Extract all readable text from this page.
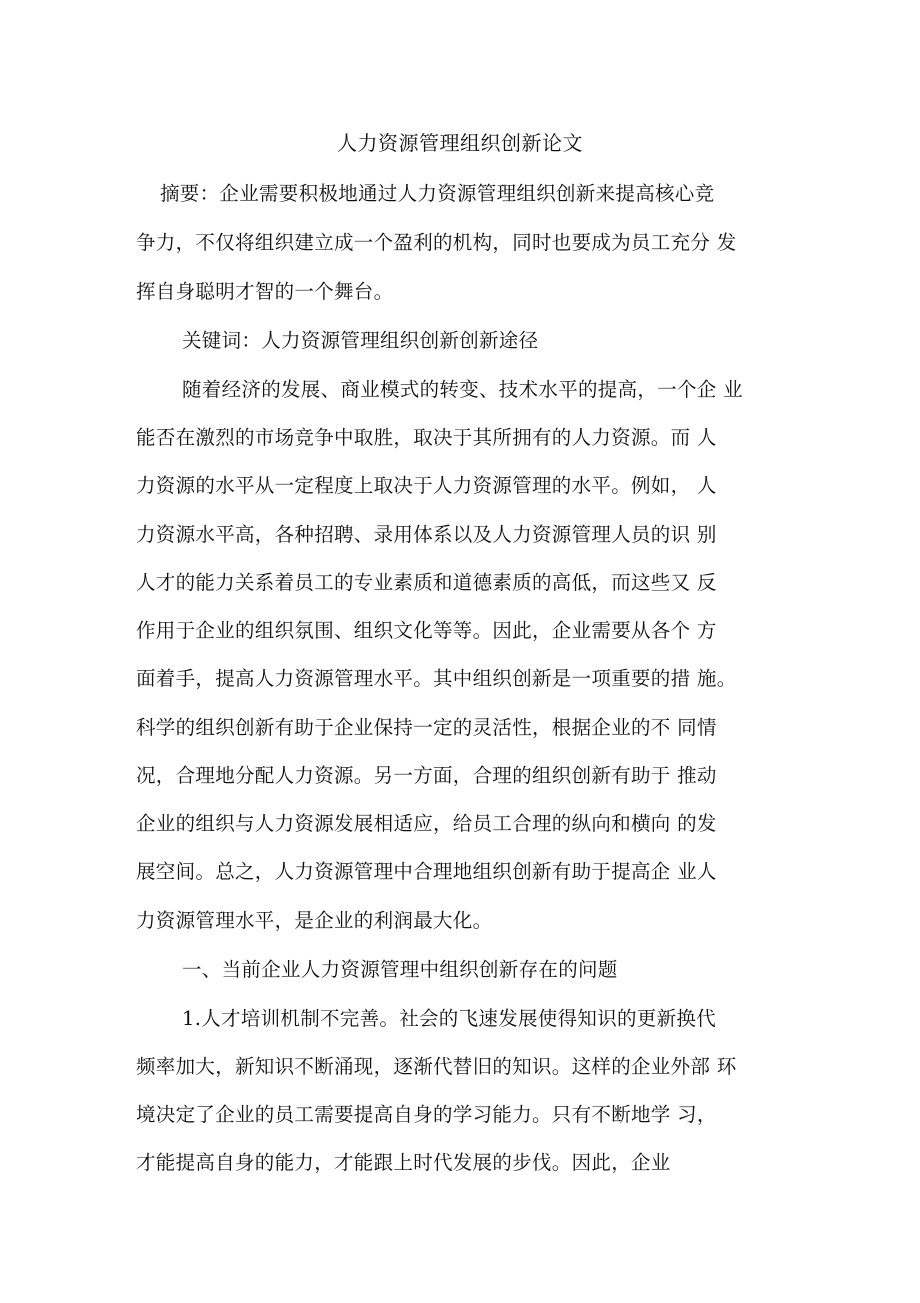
人力资源管理组织创新论文
摘要：企业需要积极地通过人力资源管理组织创新来提高核心竞
争力，不仅将组织建立成一个盈利的机构，同时也要成为员工充分 发
挥自身聪明才智的一个舞台。
关键词：人力资源管理组织创新创新途径
随着经济的发展、商业模式的转变、技术水平的提高，一个企 业
能否在激烈的市场竞争中取胜，取决于其所拥有的人力资源。而 人
力资源的水平从一定程度上取决于人力资源管理的水平。例如， 人
力资源水平高，各种招聘、录用体系以及人力资源管理人员的识 别
人才的能力关系着员工的专业素质和道德素质的高低，而这些又 反
作用于企业的组织氛围、组织文化等等。因此，企业需要从各个 方
面着手，提高人力资源管理水平。其中组织创新是一项重要的措 施。
科学的组织创新有助于企业保持一定的灵活性，根据企业的不 同情
况，合理地分配人力资源。另一方面，合理的组织创新有助于 推动
企业的组织与人力资源发展相适应，给员工合理的纵向和横向 的发
展空间。总之，人力资源管理中合理地组织创新有助于提高企 业人
力资源管理水平，是企业的利润最大化。
一、当前企业人力资源管理中组织创新存在的问题
1.人才培训机制不完善。社会的飞速发展使得知识的更新换代
频率加大，新知识不断涌现，逐渐代替旧的知识。这样的企业外部 环
境决定了企业的员工需要提高自身的学习能力。只有不断地学 习，
才能提高自身的能力，才能跟上时代发展的步伐。因此，企业
